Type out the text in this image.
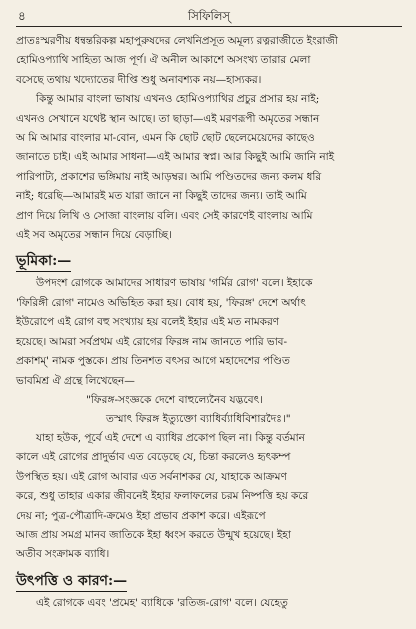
৪	সিফিলিস্‌

প্রাতঃস্মরণীয় ধন্বন্তরিকল্প মহাপুরুষদের লেখনিপ্রসূত অমূল্য রত্নরাজীতে ইংরাজী

হোমিওপ্যাথি সাহিত্য আজ পূর্ণ। ঐ অনীল আকাশে অসংখ্য তারার মেলা

বসেছে তথায় খদ্যোতের দীপ্তি শুধু অনাবশ্যক নয়—হাস্যকর।

কিন্তু আমার বাংলা ভাষায় এখনও হোমিওপ্যাথির প্রচুর প্রসার হয় নাই;

এখনও সেখানে যথেষ্ট স্থান আছে। তা ছাড়া—এই মরণরূপী অমৃতের সন্ধান

অ মি আমার বাংলার মা-বোন, এমন কি ছোট ছোট ছেলেমেয়েদের কাছেও

জানাতে চাই। এই আমার সাধনা—এই আমার স্বপ্ন। আর কিছুই আমি জানি নাই

পারিপাট্য, প্রকাশের ভঙ্গিমায় নাই আড়ম্বর। আমি পণ্ডিতদের জন্য কলম ধরি

নাই; ধরেছি—আমারই মত যারা জানে না কিছুই তাদের জন্য। তাই আমি

প্রাণ দিয়ে লিখি ও সোজা বাংলায় বলি। এবং সেই কারণেই বাংলায় আমি

এই সব অমৃতের সন্ধান দিয়ে বেড়াচ্ছি।

ভূমিকা:—

উপদংশ রোগকে আমাদের সাধারণ ভাষায় 'গর্মির রোগ' বলে। ইহাকে

'ফিরিঙ্গী রোগ' নামেও অভিহিত করা হয়। বোধ হয়, 'ফিরঙ্গ' দেশে অর্থাৎ

ইউরোপে এই রোগ বহু সংখ্যায় হয় বলেই ইহার এই মত নামকরণ

হয়েছে। আমরা সর্বপ্রথম এই রোগের ফিরঙ্গ নাম জানতে পারি ভাব-

প্রকাশম্‌' নামক পুস্তকে। প্রায় তিনশত বৎসর আগে মহাদেশের পণ্ডিত

ভাবমিশ্র ঐ গ্রন্থে লিখেছেন—

"ফিরঙ্গ-সংজ্ঞকে দেশে বাহুল্যেনৈব যদ্ভবেৎ।
তস্মাৎ ফিরঙ্গ ইত্যুক্তো ব্যাধির্ব্যাধিবিশারদৈঃ।"

যাহা হউক, পূর্বে এই দেশে এ ব্যাধির প্রকোপ ছিল না। কিন্তু বর্তমান

কালে এই রোগের প্রাদুর্ভাব এত বেড়েছে যে, চিন্তা করলেও হৃৎকম্প

উপস্থিত হয়। এই রোগ আবার এত সর্বনাশকর যে, যাহাকে আক্রমণ

করে, শুধু তাহার একার জীবনেই ইহার ফলাফলের চরম নিষ্পত্তি হয় করে

দেয় না; পুত্র-পৌত্রাদি-ক্রমেও ইহা প্রভাব প্রকাশ করে। এইরূপে

আজ প্রায় সমগ্র মানব জাতিকে ইহা ধ্বংস করতে উন্মুখ হয়েছে। ইহা

অতীব সংক্রামক ব্যাধি।

উৎপত্তি ও কারণ:—

এই রোগকে এবং 'প্রমেহ' ব্যাধিকে 'রতিজ-রোগ' বলে। যেহেতু
